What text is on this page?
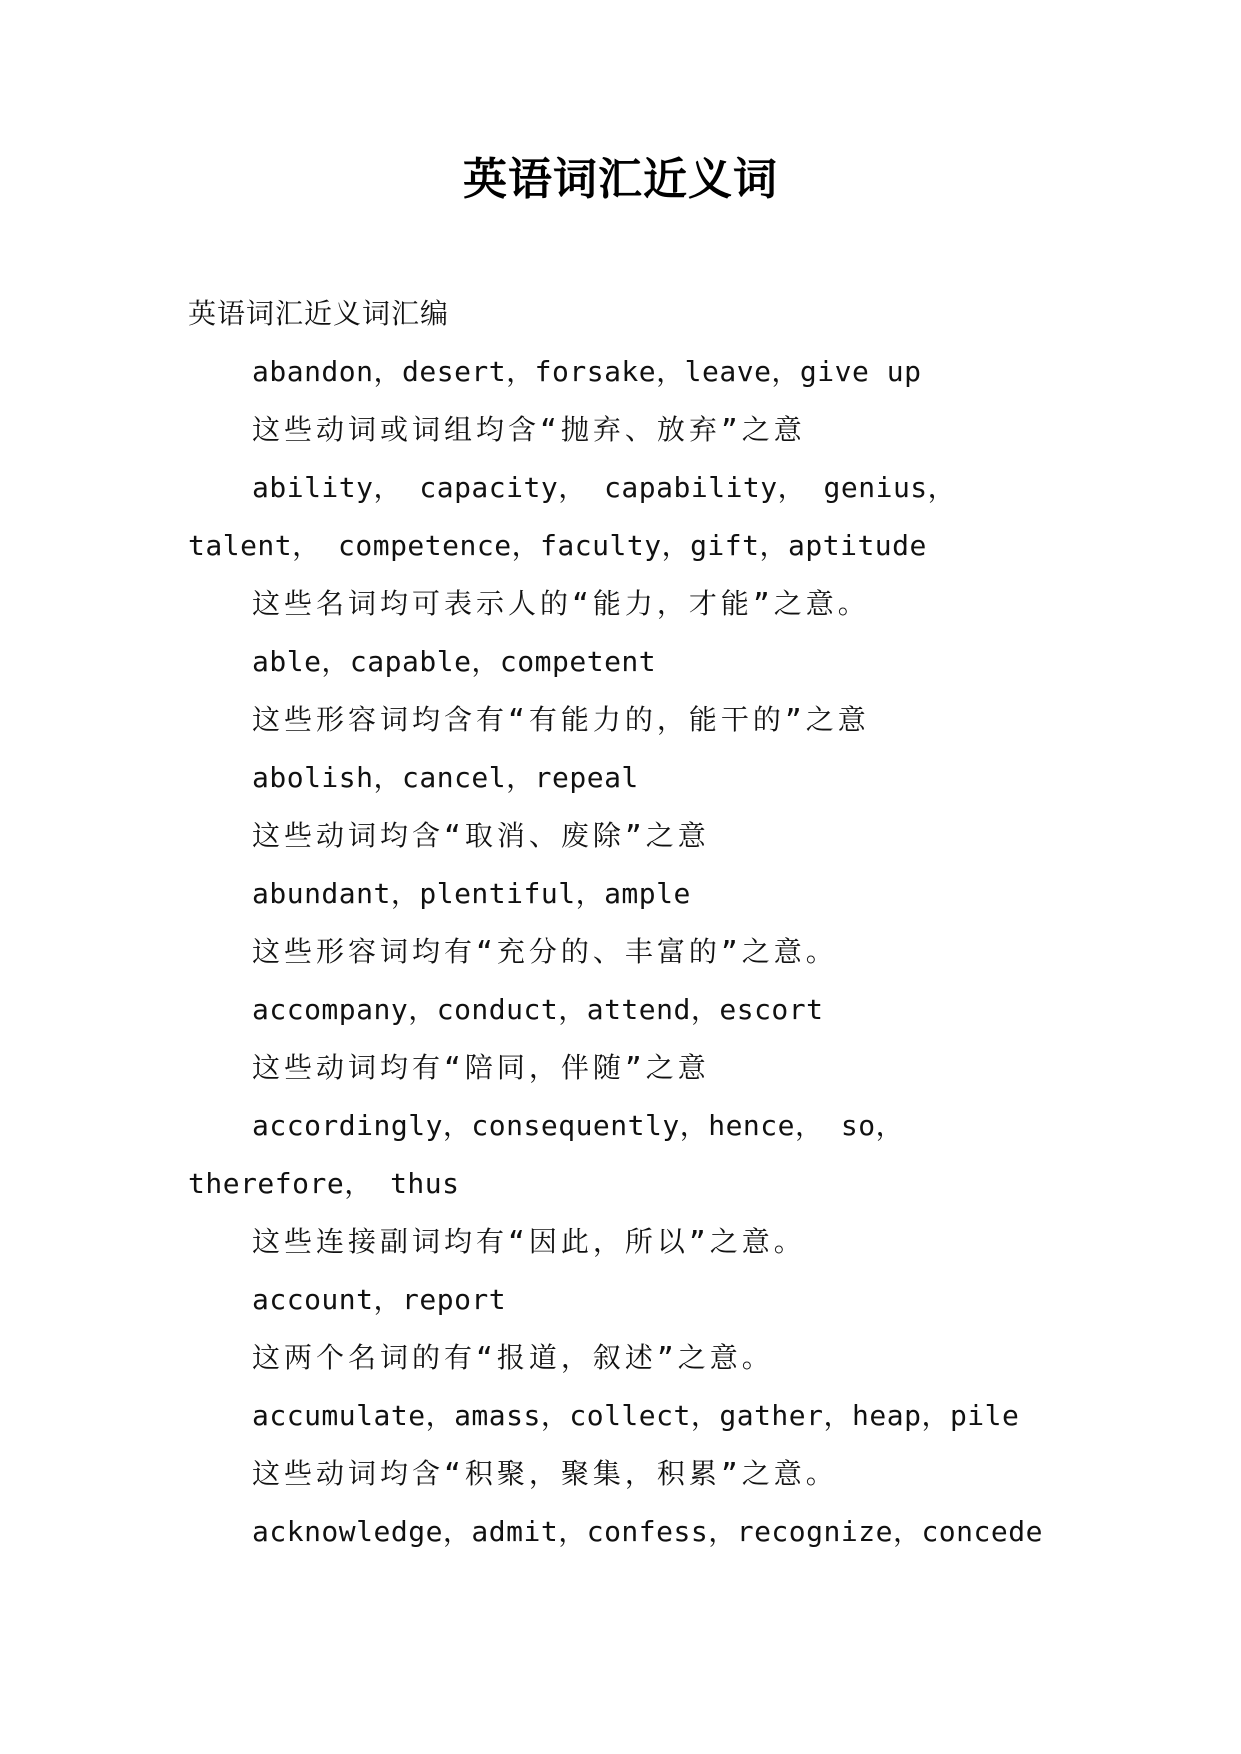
英语词汇近义词

英语词汇近义词汇编

abandon，desert，forsake，leave，give up

这些动词或词组均含“抛弃、放弃”之意

ability， capacity， capability， genius， talent， competence，faculty，gift，aptitude

这些名词均可表示人的“能力，才能”之意。

able，capable，competent

这些形容词均含有“有能力的，能干的”之意

abolish，cancel，repeal

这些动词均含“取消、废除”之意

abundant，plentiful，ample

这些形容词均有“充分的、丰富的”之意。

accompany，conduct，attend，escort

这些动词均有“陪同，伴随”之意

accordingly，consequently，hence， so， therefore， thus

这些连接副词均有“因此，所以”之意。

account，report

这两个名词的有“报道，叙述”之意。

accumulate，amass，collect，gather，heap，pile

这些动词均含“积聚，聚集，积累”之意。

acknowledge，admit，confess，recognize，concede
